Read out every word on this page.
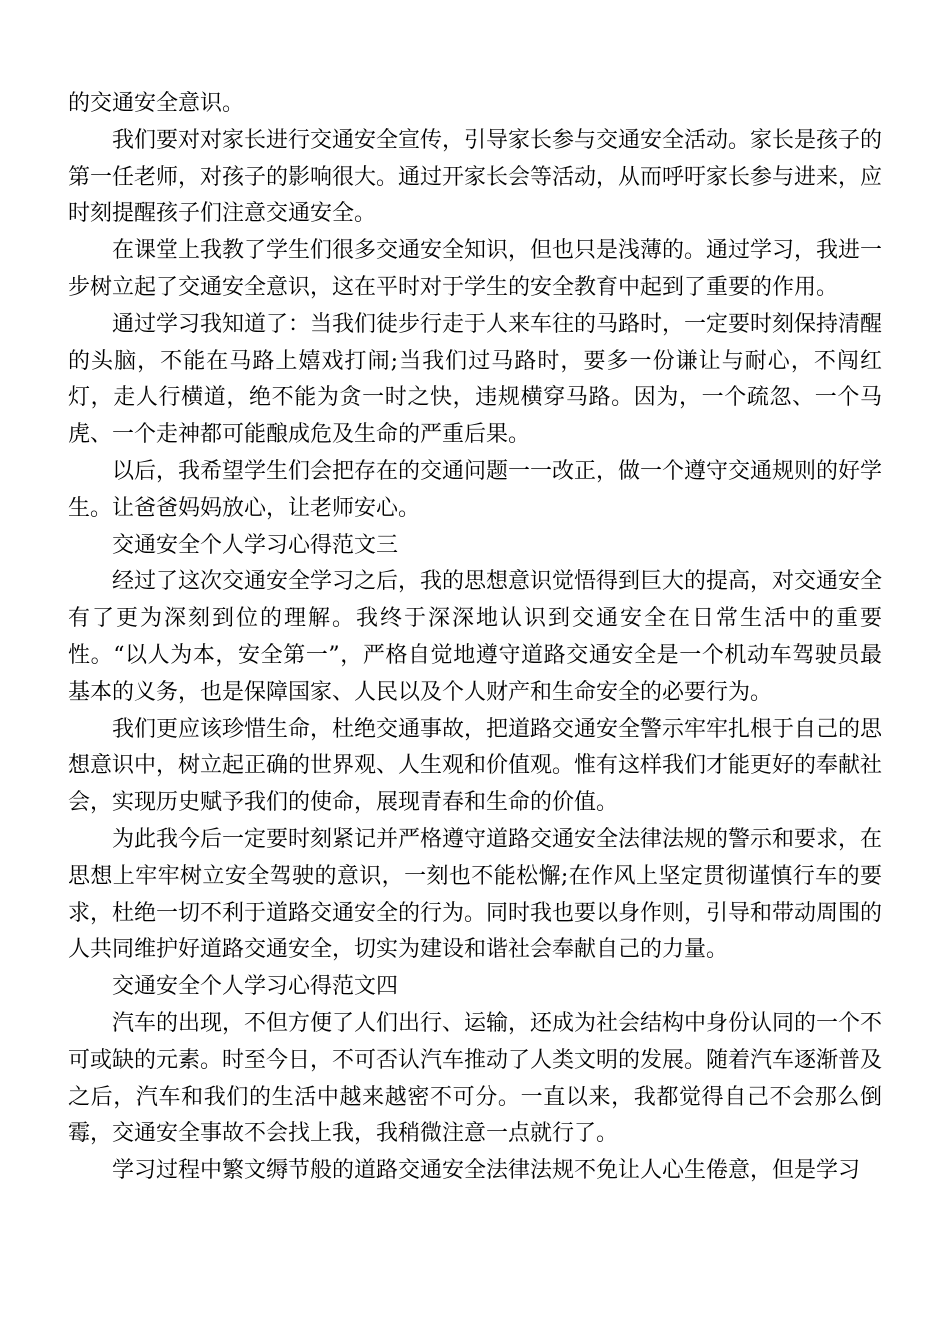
的交通安全意识。

我们要对对家长进行交通安全宣传，引导家长参与交通安全活动。家长是孩子的第一任老师，对孩子的影响很大。通过开家长会等活动，从而呼吁家长参与进来，应时刻提醒孩子们注意交通安全。

在课堂上我教了学生们很多交通安全知识，但也只是浅薄的。通过学习，我进一步树立起了交通安全意识，这在平时对于学生的安全教育中起到了重要的作用。

通过学习我知道了：当我们徒步行走于人来车往的马路时，一定要时刻保持清醒的头脑，不能在马路上嬉戏打闹;当我们过马路时，要多一份谦让与耐心，不闯红灯，走人行横道，绝不能为贪一时之快，违规横穿马路。因为，一个疏忽、一个马虎、一个走神都可能酿成危及生命的严重后果。

以后，我希望学生们会把存在的交通问题一一改正，做一个遵守交通规则的好学生。让爸爸妈妈放心，让老师安心。

交通安全个人学习心得范文三

经过了这次交通安全学习之后，我的思想意识觉悟得到巨大的提高，对交通安全有了更为深刻到位的理解。我终于深深地认识到交通安全在日常生活中的重要性。“以人为本，安全第一”，严格自觉地遵守道路交通安全是一个机动车驾驶员最基本的义务，也是保障国家、人民以及个人财产和生命安全的必要行为。

我们更应该珍惜生命，杜绝交通事故，把道路交通安全警示牢牢扎根于自己的思想意识中，树立起正确的世界观、人生观和价值观。惟有这样我们才能更好的奉献社会，实现历史赋予我们的使命，展现青春和生命的价值。

为此我今后一定要时刻紧记并严格遵守道路交通安全法律法规的警示和要求，在思想上牢牢树立安全驾驶的意识，一刻也不能松懈;在作风上坚定贯彻谨慎行车的要求，杜绝一切不利于道路交通安全的行为。同时我也要以身作则，引导和带动周围的人共同维护好道路交通安全，切实为建设和谐社会奉献自己的力量。

交通安全个人学习心得范文四

汽车的出现，不但方便了人们出行、运输，还成为社会结构中身份认同的一个不可或缺的元素。时至今日，不可否认汽车推动了人类文明的发展。随着汽车逐渐普及之后，汽车和我们的生活中越来越密不可分。一直以来，我都觉得自己不会那么倒霉，交通安全事故不会找上我，我稍微注意一点就行了。

学习过程中繁文缛节般的道路交通安全法律法规不免让人心生倦意，但是学习
